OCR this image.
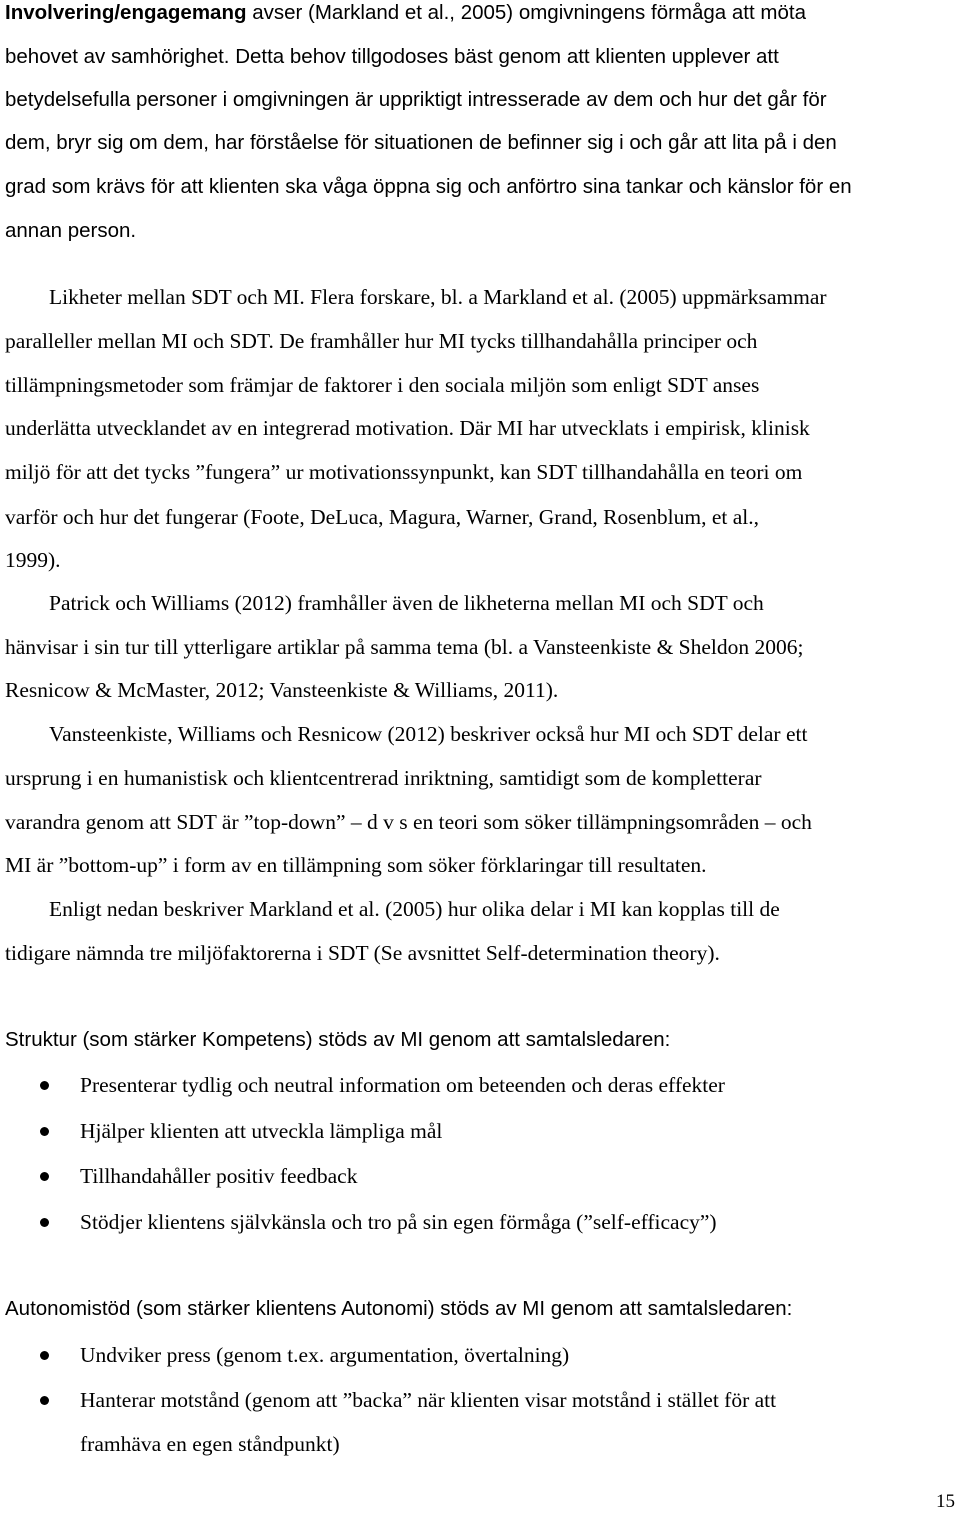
Involvering/engagemang avser (Markland et al., 2005) omgivningens förmåga att möta
behovet av samhörighet. Detta behov tillgodoses bäst genom att klienten upplever att
betydelsefulla personer i omgivningen är uppriktigt intresserade av dem och hur det går för
dem, bryr sig om dem, har förståelse för situationen de befinner sig i och går att lita på i den
grad som krävs för att klienten ska våga öppna sig och anförtro sina tankar och känslor för en
annan person.
Likheter mellan SDT och MI. Flera forskare, bl. a Markland et al. (2005) uppmärksammar
paralleller mellan MI och SDT. De framhåller hur MI tycks tillhandahålla principer och
tillämpningsmetoder som främjar de faktorer i den sociala miljön som enligt SDT anses
underlätta utvecklandet av en integrerad motivation. Där MI har utvecklats i empirisk, klinisk
miljö för att det tycks ”fungera” ur motivationssynpunkt, kan SDT tillhandahålla en teori om
varför och hur det fungerar (Foote, DeLuca, Magura, Warner, Grand, Rosenblum, et al.,
1999).
Patrick och Williams (2012) framhåller även de likheterna mellan MI och SDT och
hänvisar i sin tur till ytterligare artiklar på samma tema (bl. a Vansteenkiste & Sheldon 2006;
Resnicow & McMaster, 2012; Vansteenkiste & Williams, 2011).
Vansteenkiste, Williams och Resnicow (2012) beskriver också hur MI och SDT delar ett
ursprung i en humanistisk och klientcentrerad inriktning, samtidigt som de kompletterar
varandra genom att SDT är ”top-down” – d v s en teori som söker tillämpningsområden – och
MI är ”bottom-up” i form av en tillämpning som söker förklaringar till resultaten.
Enligt nedan beskriver Markland et al. (2005) hur olika delar i MI kan kopplas till de
tidigare nämnda tre miljöfaktorerna i SDT (Se avsnittet Self-determination theory).
Struktur (som stärker Kompetens) stöds av MI genom att samtalsledaren:
Presenterar tydlig och neutral information om beteenden och deras effekter
Hjälper klienten att utveckla lämpliga mål
Tillhandahåller positiv feedback
Stödjer klientens självkänsla och tro på sin egen förmåga (”self-efficacy”)
Autonomistöd (som stärker klientens Autonomi) stöds av MI genom att samtalsledaren:
Undviker press (genom t.ex. argumentation, övertalning)
Hanterar motstånd (genom att ”backa” när klienten visar motstånd i stället för att
framhäva en egen ståndpunkt)
15
